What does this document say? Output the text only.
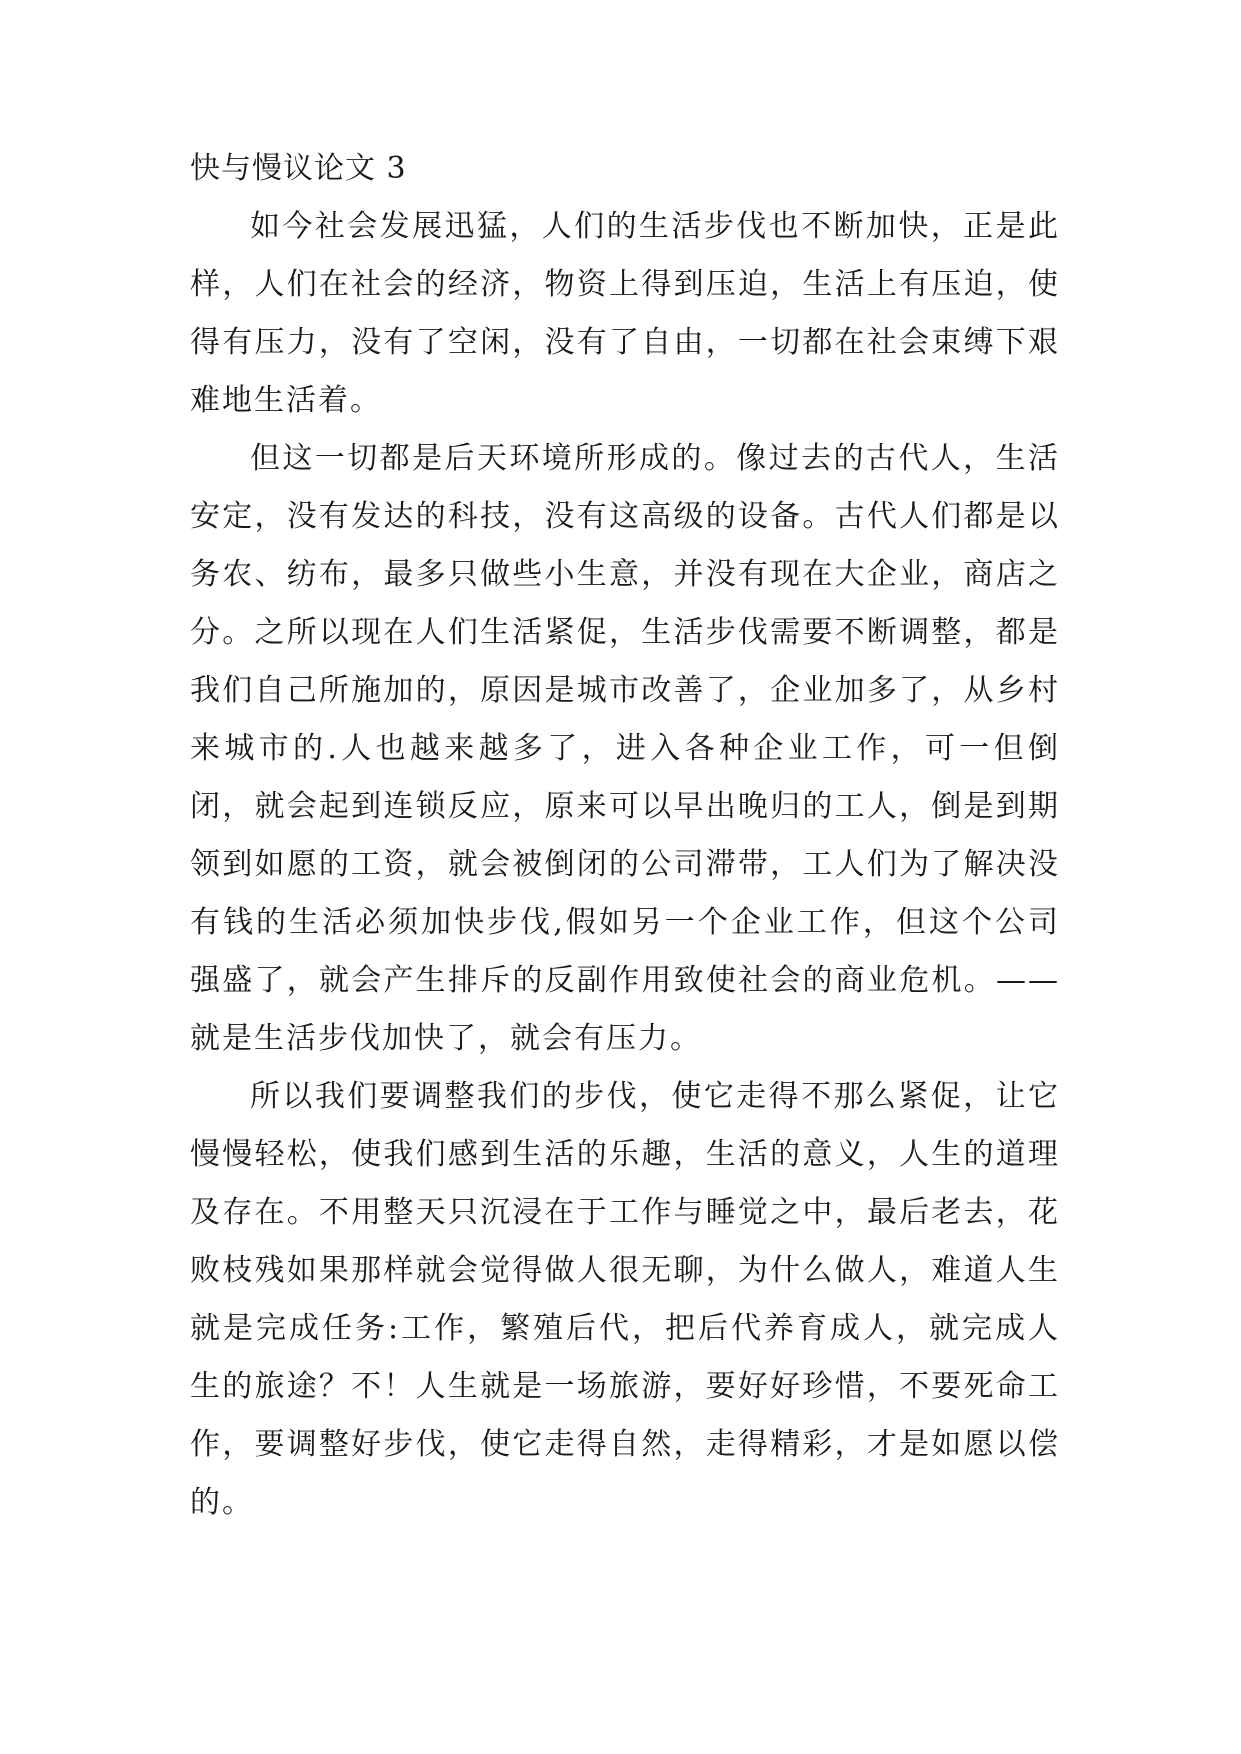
快与慢议论文 3

如今社会发展迅猛，人们的生活步伐也不断加快，正是此样，人们在社会的经济，物资上得到压迫，生活上有压迫，使得有压力，没有了空闲，没有了自由，一切都在社会束缚下艰难地生活着。

但这一切都是后天环境所形成的。像过去的古代人，生活安定，没有发达的科技，没有这高级的设备。古代人们都是以务农、纺布，最多只做些小生意，并没有现在大企业，商店之分。之所以现在人们生活紧促，生活步伐需要不断调整，都是我们自己所施加的，原因是城市改善了，企业加多了，从乡村来城市的.人也越来越多了，进入各种企业工作，可一但倒闭，就会起到连锁反应，原来可以早出晚归的工人，倒是到期领到如愿的工资，就会被倒闭的公司滞带，工人们为了解决没有钱的生活必须加快步伐,假如另一个企业工作，但这个公司强盛了，就会产生排斥的反副作用致使社会的商业危机。——就是生活步伐加快了，就会有压力。

所以我们要调整我们的步伐，使它走得不那么紧促，让它慢慢轻松，使我们感到生活的乐趣，生活的意义，人生的道理及存在。不用整天只沉浸在于工作与睡觉之中，最后老去，花败枝残如果那样就会觉得做人很无聊，为什么做人，难道人生就是完成任务:工作，繁殖后代，把后代养育成人，就完成人生的旅途？不！人生就是一场旅游，要好好珍惜，不要死命工作，要调整好步伐，使它走得自然，走得精彩，才是如愿以偿的。
